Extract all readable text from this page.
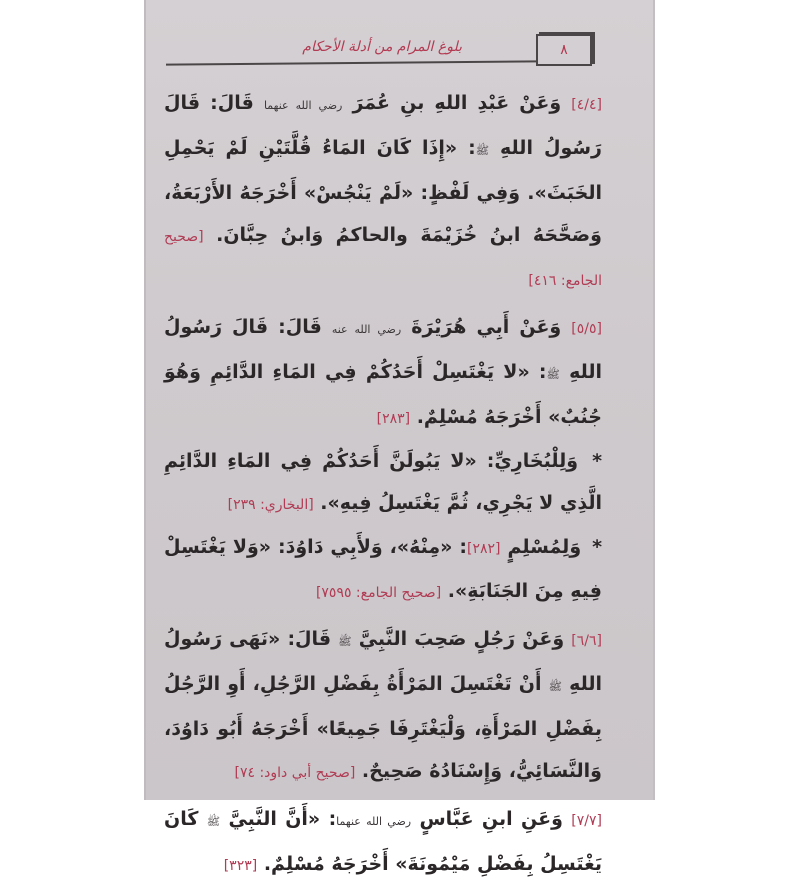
بلوغ المرام من أدلة الأحكام	٨

[٤/٤] وَعَنْ عَبْدِ اللهِ بنِ عُمَرَ رضي الله عنهما قَالَ: قَالَ رَسُولُ اللهِ ﷺ: «إِذَا كَانَ المَاءُ قُلَّتَيْنِ لَمْ يَحْمِلِ الخَبَثَ». وَفِي لَفْظٍ: «لَمْ يَنْجُسْ» أَخْرَجَهُ الأَرْبَعَةُ، وَصَحَّحَهُ ابنُ خُزَيْمَةَ والحاكمُ وَابنُ حِبَّانَ. [صحيح الجامع: ٤١٦]

[٥/٥] وَعَنْ أَبِي هُرَيْرَةَ رضي الله عنه قَالَ: قَالَ رَسُولُ اللهِ ﷺ: «لا يَغْتَسِلْ أَحَدُكُمْ فِي المَاءِ الدَّائِمِ وَهُوَ جُنُبٌ» أَخْرَجَهُ مُسْلِمٌ. [٢٨٣]

* وَلِلْبُخَارِيِّ: «لا يَبُولَنَّ أَحَدُكُمْ فِي المَاءِ الدَّائِمِ الَّذِي لا يَجْرِي، ثُمَّ يَغْتَسِلُ فِيهِ». [البخاري: ٢٣٩]

* وَلِمُسْلِمٍ [٢٨٢]: «مِنْهُ»، وَلأَبِي دَاوُدَ: «وَلا يَغْتَسِلْ فِيهِ مِنَ الجَنَابَةِ». [صحيح الجامع: ٧٥٩٥]

[٦/٦] وَعَنْ رَجُلٍ صَحِبَ النَّبِيَّ ﷺ قَالَ: «نَهَى رَسُولُ اللهِ ﷺ أَنْ تَغْتَسِلَ المَرْأَةُ بِفَضْلِ الرَّجُلِ، أَوِ الرَّجُلُ بِفَضْلِ المَرْأَةِ، وَلْيَغْتَرِفَا جَمِيعًا» أَخْرَجَهُ أَبُو دَاوُدَ، وَالنَّسَائِيُّ، وَإِسْنَادُهُ صَحِيحٌ. [صحيح أبي داود: ٧٤]

[٧/٧] وَعَنِ ابنِ عَبَّاسٍ رضي الله عنهما: «أَنَّ النَّبِيَّ ﷺ كَانَ يَغْتَسِلُ بِفَضْلِ مَيْمُونَةَ» أَخْرَجَهُ مُسْلِمٌ. [٣٢٣]
